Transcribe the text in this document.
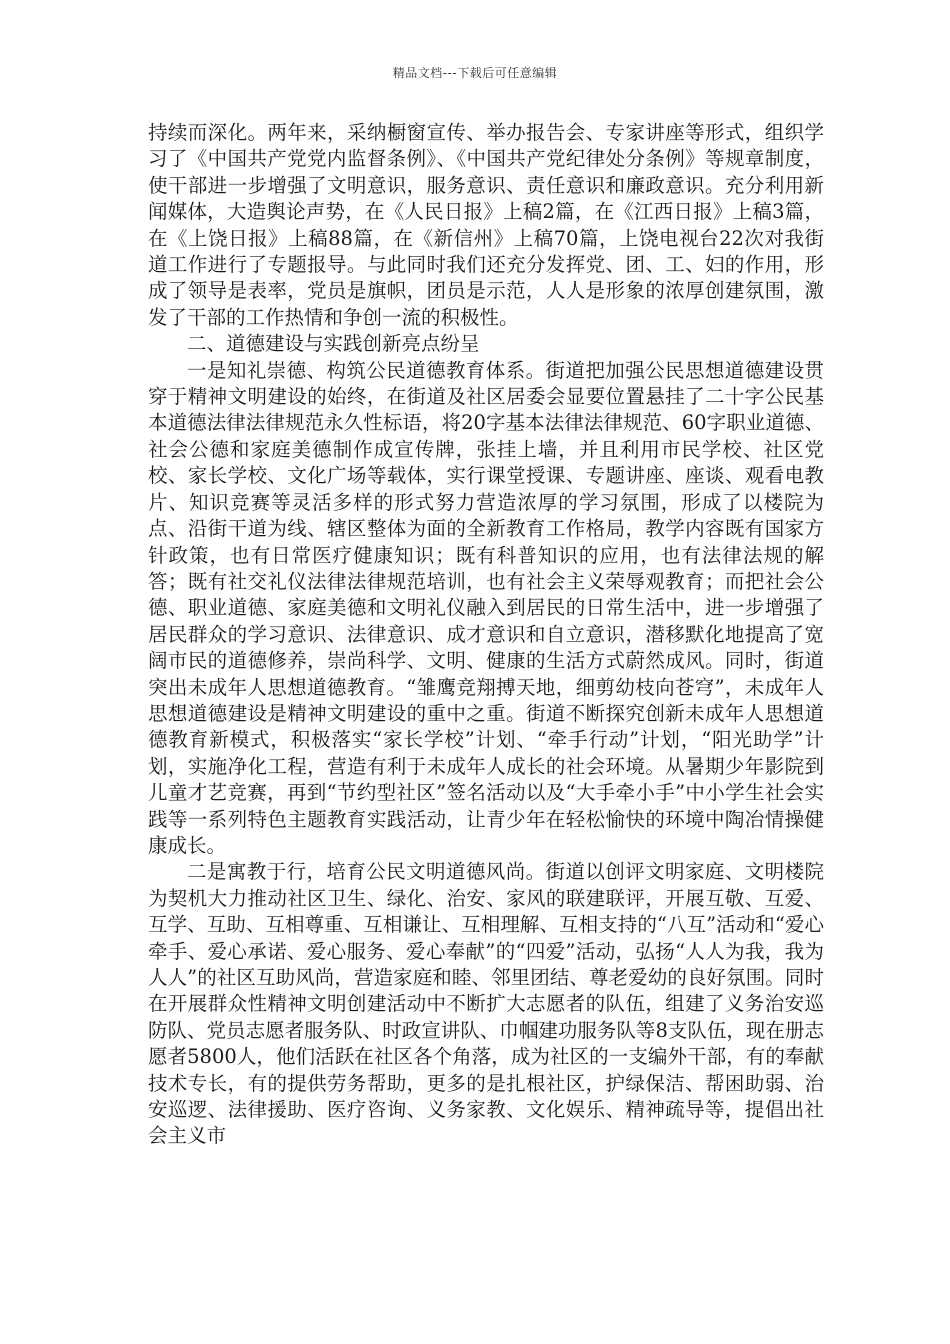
精品文档---下载后可任意编辑

持续而深化。两年来，采纳橱窗宣传、举办报告会、专家讲座等形式，组织学习了《中国共产党党内监督条例》、《中国共产党纪律处分条例》等规章制度，使干部进一步增强了文明意识，服务意识、责任意识和廉政意识。充分利用新闻媒体，大造舆论声势，在《人民日报》上稿2篇，在《江西日报》上稿3篇，在《上饶日报》上稿88篇，在《新信州》上稿70篇，上饶电视台22次对我街道工作进行了专题报导。与此同时我们还充分发挥党、团、工、妇的作用，形成了领导是表率，党员是旗帜，团员是示范，人人是形象的浓厚创建氛围，激发了干部的工作热情和争创一流的积极性。

二、道德建设与实践创新亮点纷呈

一是知礼崇德、构筑公民道德教育体系。街道把加强公民思想道德建设贯穿于精神文明建设的始终，在街道及社区居委会显要位置悬挂了二十字公民基本道德法律法律规范永久性标语，将20字基本法律法律规范、60字职业道德、社会公德和家庭美德制作成宣传牌，张挂上墙，并且利用市民学校、社区党校、家长学校、文化广场等载体，实行课堂授课、专题讲座、座谈、观看电教片、知识竞赛等灵活多样的形式努力营造浓厚的学习氛围，形成了以楼院为点、沿街干道为线、辖区整体为面的全新教育工作格局，教学内容既有国家方针政策，也有日常医疗健康知识；既有科普知识的应用，也有法律法规的解答；既有社交礼仪法律法律规范培训，也有社会主义荣辱观教育；而把社会公德、职业道德、家庭美德和文明礼仪融入到居民的日常生活中，进一步增强了居民群众的学习意识、法律意识、成才意识和自立意识，潜移默化地提高了宽阔市民的道德修养，崇尚科学、文明、健康的生活方式蔚然成风。同时，街道突出未成年人思想道德教育。“雏鹰竞翔搏天地，细剪幼枝向苍穹”，未成年人思想道德建设是精神文明建设的重中之重。街道不断探究创新未成年人思想道德教育新模式，积极落实“家长学校”计划、“牵手行动”计划，“阳光助学”计划，实施净化工程，营造有利于未成年人成长的社会环境。从暑期少年影院到儿童才艺竞赛，再到“节约型社区”签名活动以及“大手牵小手”中小学生社会实践等一系列特色主题教育实践活动，让青少年在轻松愉快的环境中陶冶情操健康成长。

二是寓教于行，培育公民文明道德风尚。街道以创评文明家庭、文明楼院为契机大力推动社区卫生、绿化、治安、家风的联建联评，开展互敬、互爱、互学、互助、互相尊重、互相谦让、互相理解、互相支持的“八互”活动和“爱心牵手、爱心承诺、爱心服务、爱心奉献”的“四爱”活动，弘扬“人人为我，我为人人”的社区互助风尚，营造家庭和睦、邻里团结、尊老爱幼的良好氛围。同时在开展群众性精神文明创建活动中不断扩大志愿者的队伍，组建了义务治安巡防队、党员志愿者服务队、时政宣讲队、巾帼建功服务队等8支队伍，现在册志愿者5800人，他们活跃在社区各个角落，成为社区的一支编外干部，有的奉献技术专长，有的提供劳务帮助，更多的是扎根社区，护绿保洁、帮困助弱、治安巡逻、法律援助、医疗咨询、义务家教、文化娱乐、精神疏导等，提倡出社会主义市
